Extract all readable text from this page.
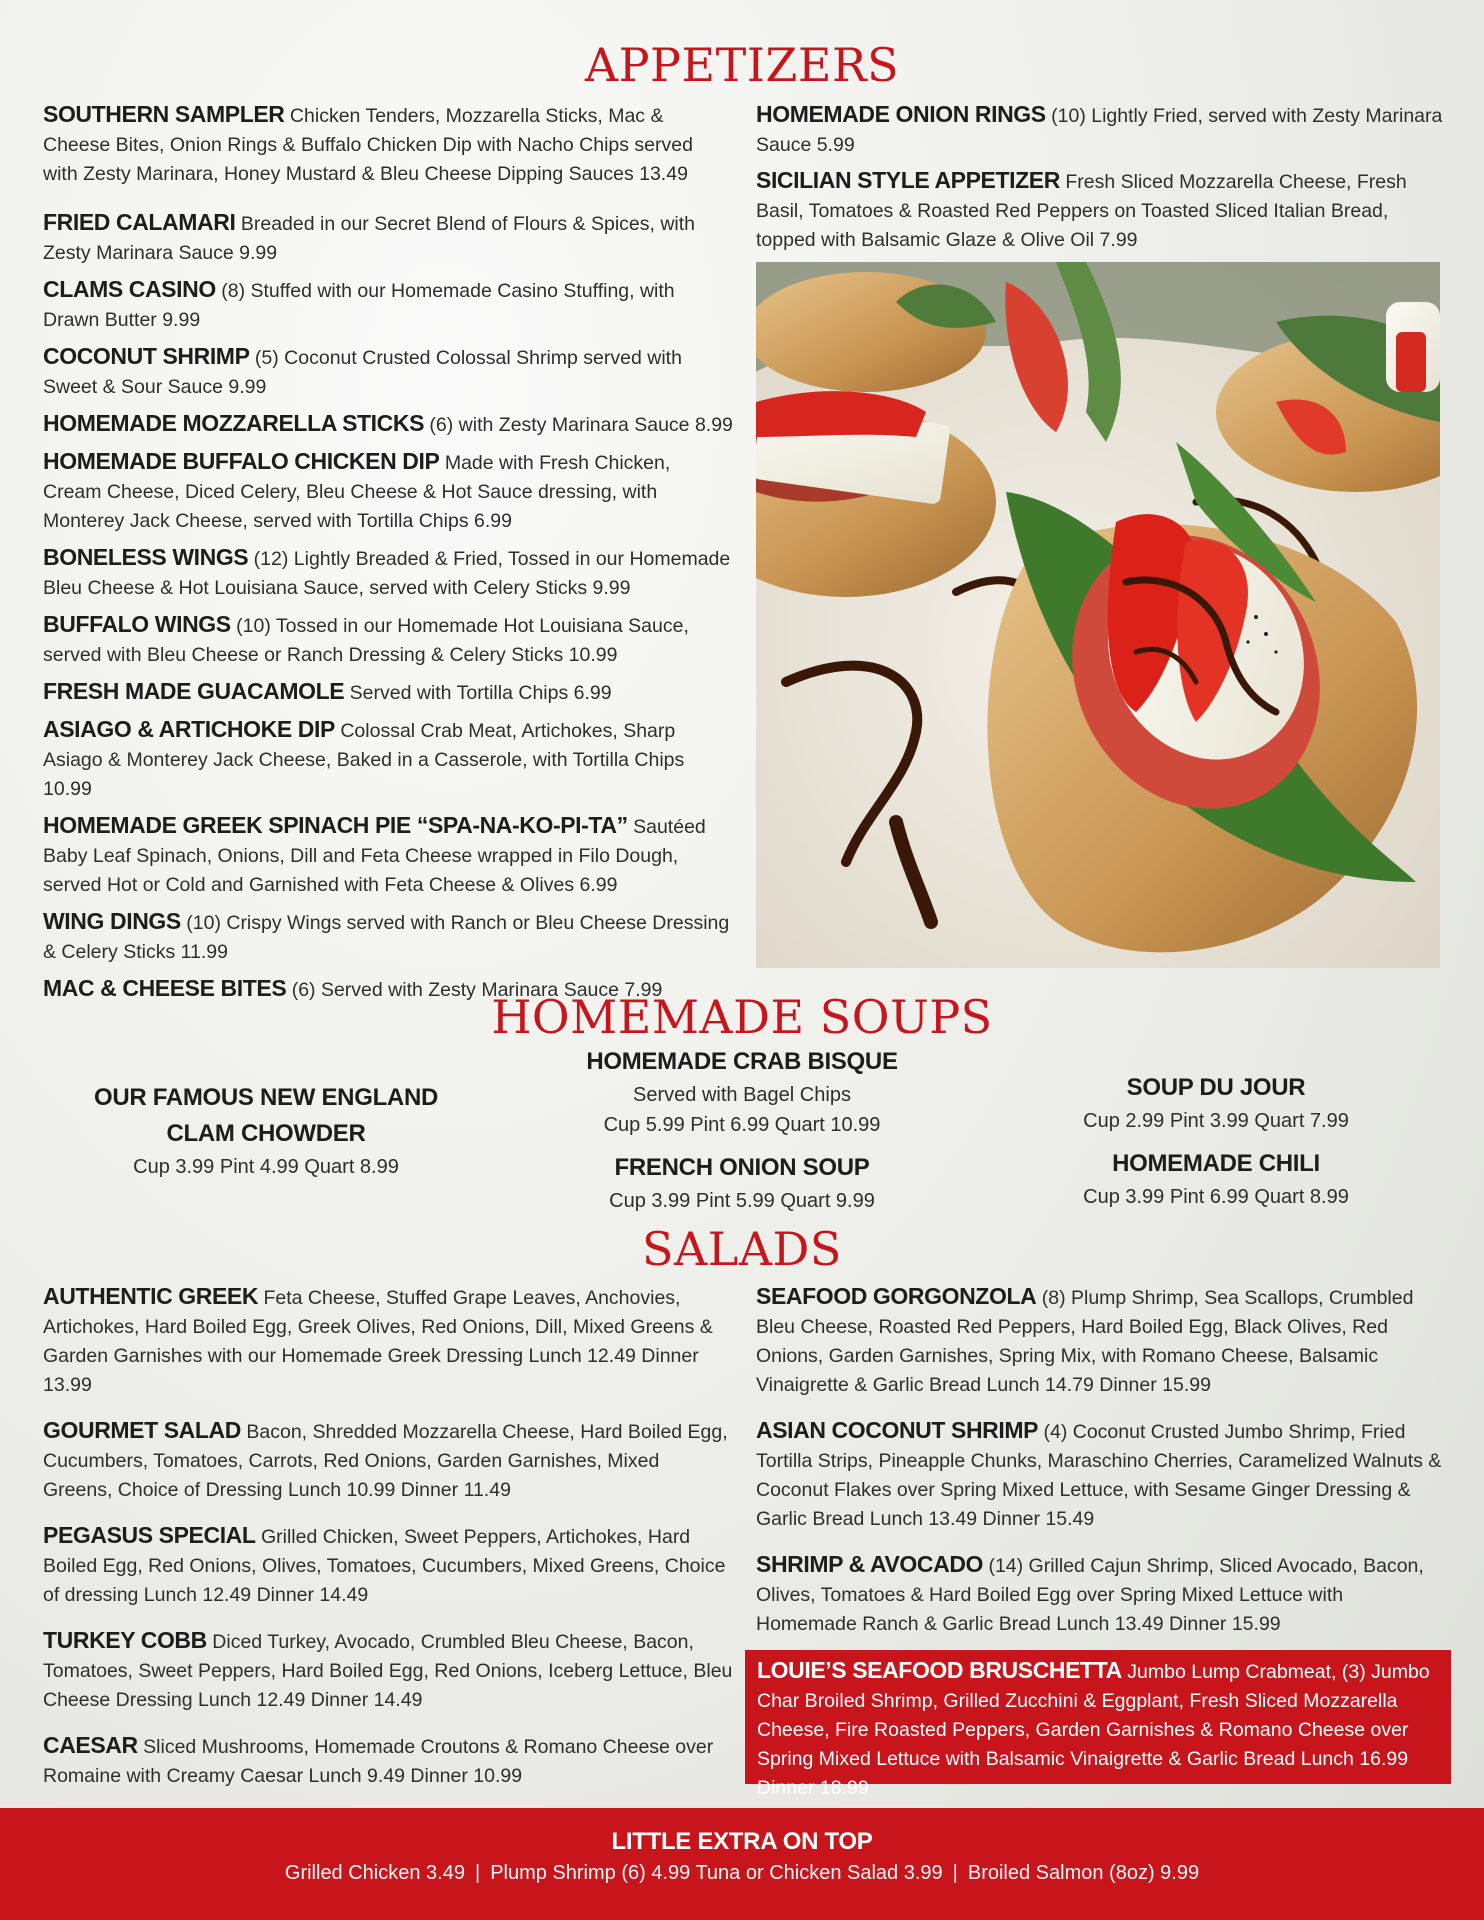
APPETIZERS
SOUTHERN SAMPLER Chicken Tenders, Mozzarella Sticks, Mac & Cheese Bites, Onion Rings & Buffalo Chicken Dip with Nacho Chips served with Zesty Marinara, Honey Mustard & Bleu Cheese Dipping Sauces 13.49
FRIED CALAMARI Breaded in our Secret Blend of Flours & Spices, with Zesty Marinara Sauce 9.99
CLAMS CASINO (8) Stuffed with our Homemade Casino Stuffing, with Drawn Butter 9.99
COCONUT SHRIMP (5) Coconut Crusted Colossal Shrimp served with Sweet & Sour Sauce 9.99
HOMEMADE MOZZARELLA STICKS (6) with Zesty Marinara Sauce 8.99
HOMEMADE BUFFALO CHICKEN DIP Made with Fresh Chicken, Cream Cheese, Diced Celery, Bleu Cheese & Hot Sauce dressing, with Monterey Jack Cheese, served with Tortilla Chips 6.99
BONELESS WINGS (12) Lightly Breaded & Fried, Tossed in our Homemade Bleu Cheese & Hot Louisiana Sauce, served with Celery Sticks 9.99
BUFFALO WINGS (10) Tossed in our Homemade Hot Louisiana Sauce, served with Bleu Cheese or Ranch Dressing & Celery Sticks 10.99
FRESH MADE GUACAMOLE Served with Tortilla Chips 6.99
ASIAGO & ARTICHOKE DIP Colossal Crab Meat, Artichokes, Sharp Asiago & Monterey Jack Cheese, Baked in a Casserole, with Tortilla Chips 10.99
HOMEMADE GREEK SPINACH PIE “SPA-NA-KO-PI-TA” Sautéed Baby Leaf Spinach, Onions, Dill and Feta Cheese wrapped in Filo Dough, served Hot or Cold and Garnished with Feta Cheese & Olives 6.99
WING DINGS (10) Crispy Wings served with Ranch or Bleu Cheese Dressing & Celery Sticks 11.99
MAC & CHEESE BITES (6) Served with Zesty Marinara Sauce 7.99
HOMEMADE ONION RINGS (10) Lightly Fried, served with Zesty Marinara Sauce 5.99
SICILIAN STYLE APPETIZER Fresh Sliced Mozzarella Cheese, Fresh Basil, Tomatoes & Roasted Red Peppers on Toasted Sliced Italian Bread, topped with Balsamic Glaze & Olive Oil 7.99
HOMEMADE SOUPS
OUR FAMOUS NEW ENGLAND
CLAM CHOWDER
Cup 3.99 Pint 4.99 Quart 8.99
HOMEMADE CRAB BISQUE
Served with Bagel Chips
Cup 5.99 Pint 6.99 Quart 10.99
FRENCH ONION SOUP
Cup 3.99 Pint 5.99 Quart 9.99
SOUP DU JOUR
Cup 2.99 Pint 3.99 Quart 7.99
HOMEMADE CHILI
Cup 3.99 Pint 6.99 Quart 8.99
SALADS
AUTHENTIC GREEK Feta Cheese, Stuffed Grape Leaves, Anchovies, Artichokes, Hard Boiled Egg, Greek Olives, Red Onions, Dill, Mixed Greens & Garden Garnishes with our Homemade Greek Dressing Lunch 12.49 Dinner 13.99
GOURMET SALAD Bacon, Shredded Mozzarella Cheese, Hard Boiled Egg, Cucumbers, Tomatoes, Carrots, Red Onions, Garden Garnishes, Mixed Greens, Choice of Dressing Lunch 10.99 Dinner 11.49
PEGASUS SPECIAL Grilled Chicken, Sweet Peppers, Artichokes, Hard Boiled Egg, Red Onions, Olives, Tomatoes, Cucumbers, Mixed Greens, Choice of dressing Lunch 12.49 Dinner 14.49
TURKEY COBB Diced Turkey, Avocado, Crumbled Bleu Cheese, Bacon, Tomatoes, Sweet Peppers, Hard Boiled Egg, Red Onions, Iceberg Lettuce, Bleu Cheese Dressing Lunch 12.49 Dinner 14.49
CAESAR Sliced Mushrooms, Homemade Croutons & Romano Cheese over Romaine with Creamy Caesar Lunch 9.49 Dinner 10.99
SEAFOOD GORGONZOLA (8) Plump Shrimp, Sea Scallops, Crumbled Bleu Cheese, Roasted Red Peppers, Hard Boiled Egg, Black Olives, Red Onions, Garden Garnishes, Spring Mix, with Romano Cheese, Balsamic Vinaigrette & Garlic Bread Lunch 14.79 Dinner 15.99
ASIAN COCONUT SHRIMP (4) Coconut Crusted Jumbo Shrimp, Fried Tortilla Strips, Pineapple Chunks, Maraschino Cherries, Caramelized Walnuts & Coconut Flakes over Spring Mixed Lettuce, with Sesame Ginger Dressing & Garlic Bread Lunch 13.49 Dinner 15.49
SHRIMP & AVOCADO (14) Grilled Cajun Shrimp, Sliced Avocado, Bacon, Olives, Tomatoes & Hard Boiled Egg over Spring Mixed Lettuce with Homemade Ranch & Garlic Bread Lunch 13.49 Dinner 15.99
LOUIE’S SEAFOOD BRUSCHETTA Jumbo Lump Crabmeat, (3) Jumbo Char Broiled Shrimp, Grilled Zucchini & Eggplant, Fresh Sliced Mozzarella Cheese, Fire Roasted Peppers, Garden Garnishes & Romano Cheese over Spring Mixed Lettuce with Balsamic Vinaigrette & Garlic Bread Lunch 16.99 Dinner 18.99
LITTLE EXTRA ON TOP
Grilled Chicken 3.49 | Plump Shrimp (6) 4.99 Tuna or Chicken Salad 3.99 | Broiled Salmon (8oz) 9.99
